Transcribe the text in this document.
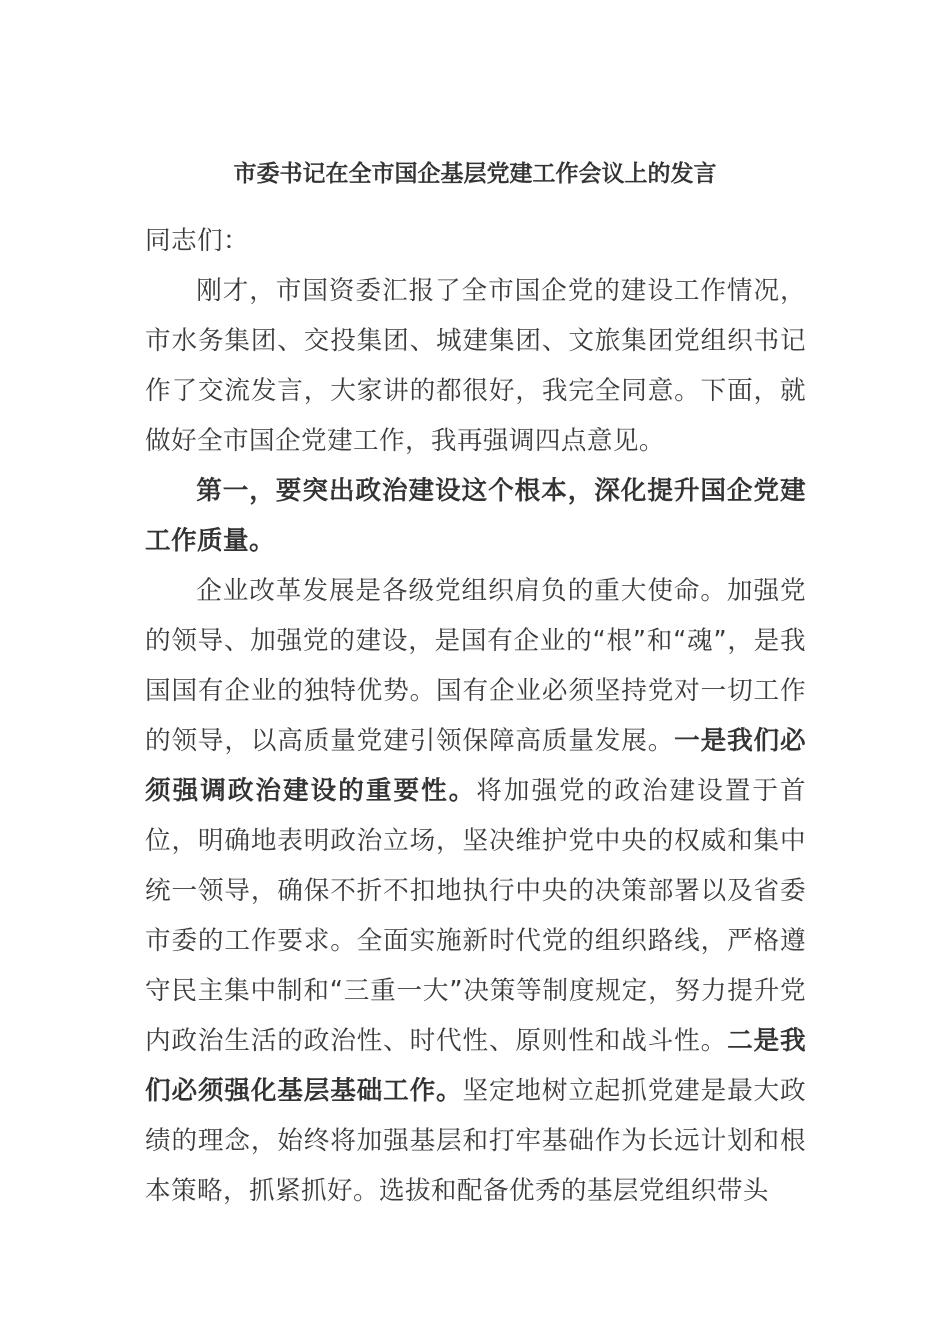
市委书记在全市国企基层党建工作会议上的发言

同志们：

刚才，市国资委汇报了全市国企党的建设工作情况，市水务集团、交投集团、城建集团、文旅集团党组织书记作了交流发言，大家讲的都很好，我完全同意。下面，就做好全市国企党建工作，我再强调四点意见。

第一，要突出政治建设这个根本，深化提升国企党建工作质量。

企业改革发展是各级党组织肩负的重大使命。加强党的领导、加强党的建设，是国有企业的“根”和“魂”，是我国国有企业的独特优势。国有企业必须坚持党对一切工作的领导，以高质量党建引领保障高质量发展。一是我们必须强调政治建设的重要性。将加强党的政治建设置于首位，明确地表明政治立场，坚决维护党中央的权威和集中统一领导，确保不折不扣地执行中央的决策部署以及省委市委的工作要求。全面实施新时代党的组织路线，严格遵守民主集中制和“三重一大”决策等制度规定，努力提升党内政治生活的政治性、时代性、原则性和战斗性。二是我们必须强化基层基础工作。坚定地树立起抓党建是最大政绩的理念，始终将加强基层和打牢基础作为长远计划和根本策略，抓紧抓好。选拔和配备优秀的基层党组织带头
